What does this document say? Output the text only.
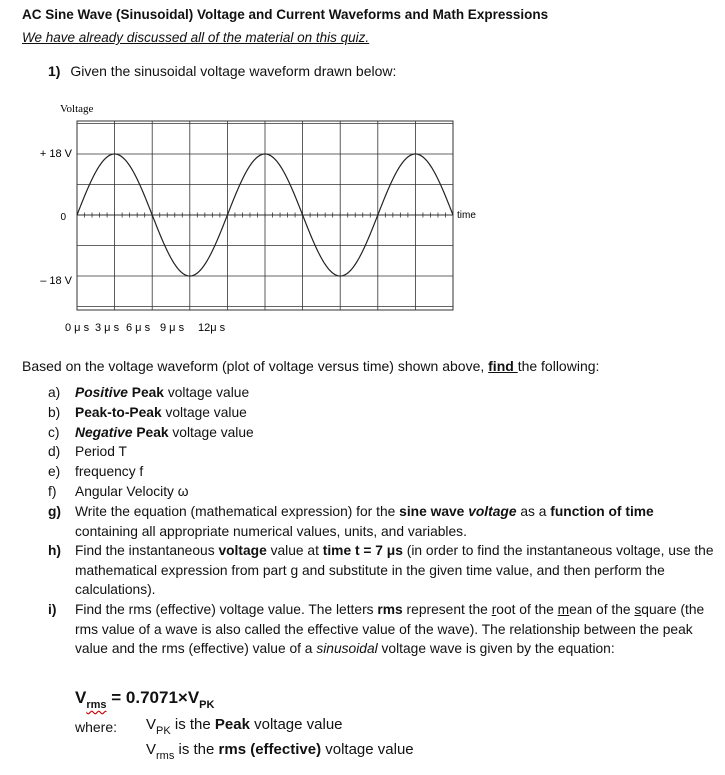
AC Sine Wave (Sinusoidal) Voltage and Current Waveforms and Math Expressions
We have already discussed all of the material on this quiz.
1) Given the sinusoidal voltage waveform drawn below:
Voltage
+ 18 V
0
– 18 V
time
0 μ s 3 μ s 6 μ s 9 μ s 12μ s
Based on the voltage waveform (plot of voltage versus time) shown above, find the following:
a) Positive Peak voltage value
b) Peak-to-Peak voltage value
c) Negative Peak voltage value
d) Period T
e) frequency f
f) Angular Velocity ω
g) Write the equation (mathematical expression) for the sine wave voltage as a function of time containing all appropriate numerical values, units, and variables.
h) Find the instantaneous voltage value at time t = 7 μs (in order to find the instantaneous voltage, use the mathematical expression from part g and substitute in the given time value, and then perform the calculations).
i) Find the rms (effective) voltage value. The letters rms represent the root of the mean of the square (the rms value of a wave is also called the effective value of the wave). The relationship between the peak value and the rms (effective) value of a sinusoidal voltage wave is given by the equation:
$V_{rms} = 0.7071\times V_{PK}$
where: $V_{PK}$ is the Peak voltage value
$V_{rms}$ is the rms (effective) voltage value
